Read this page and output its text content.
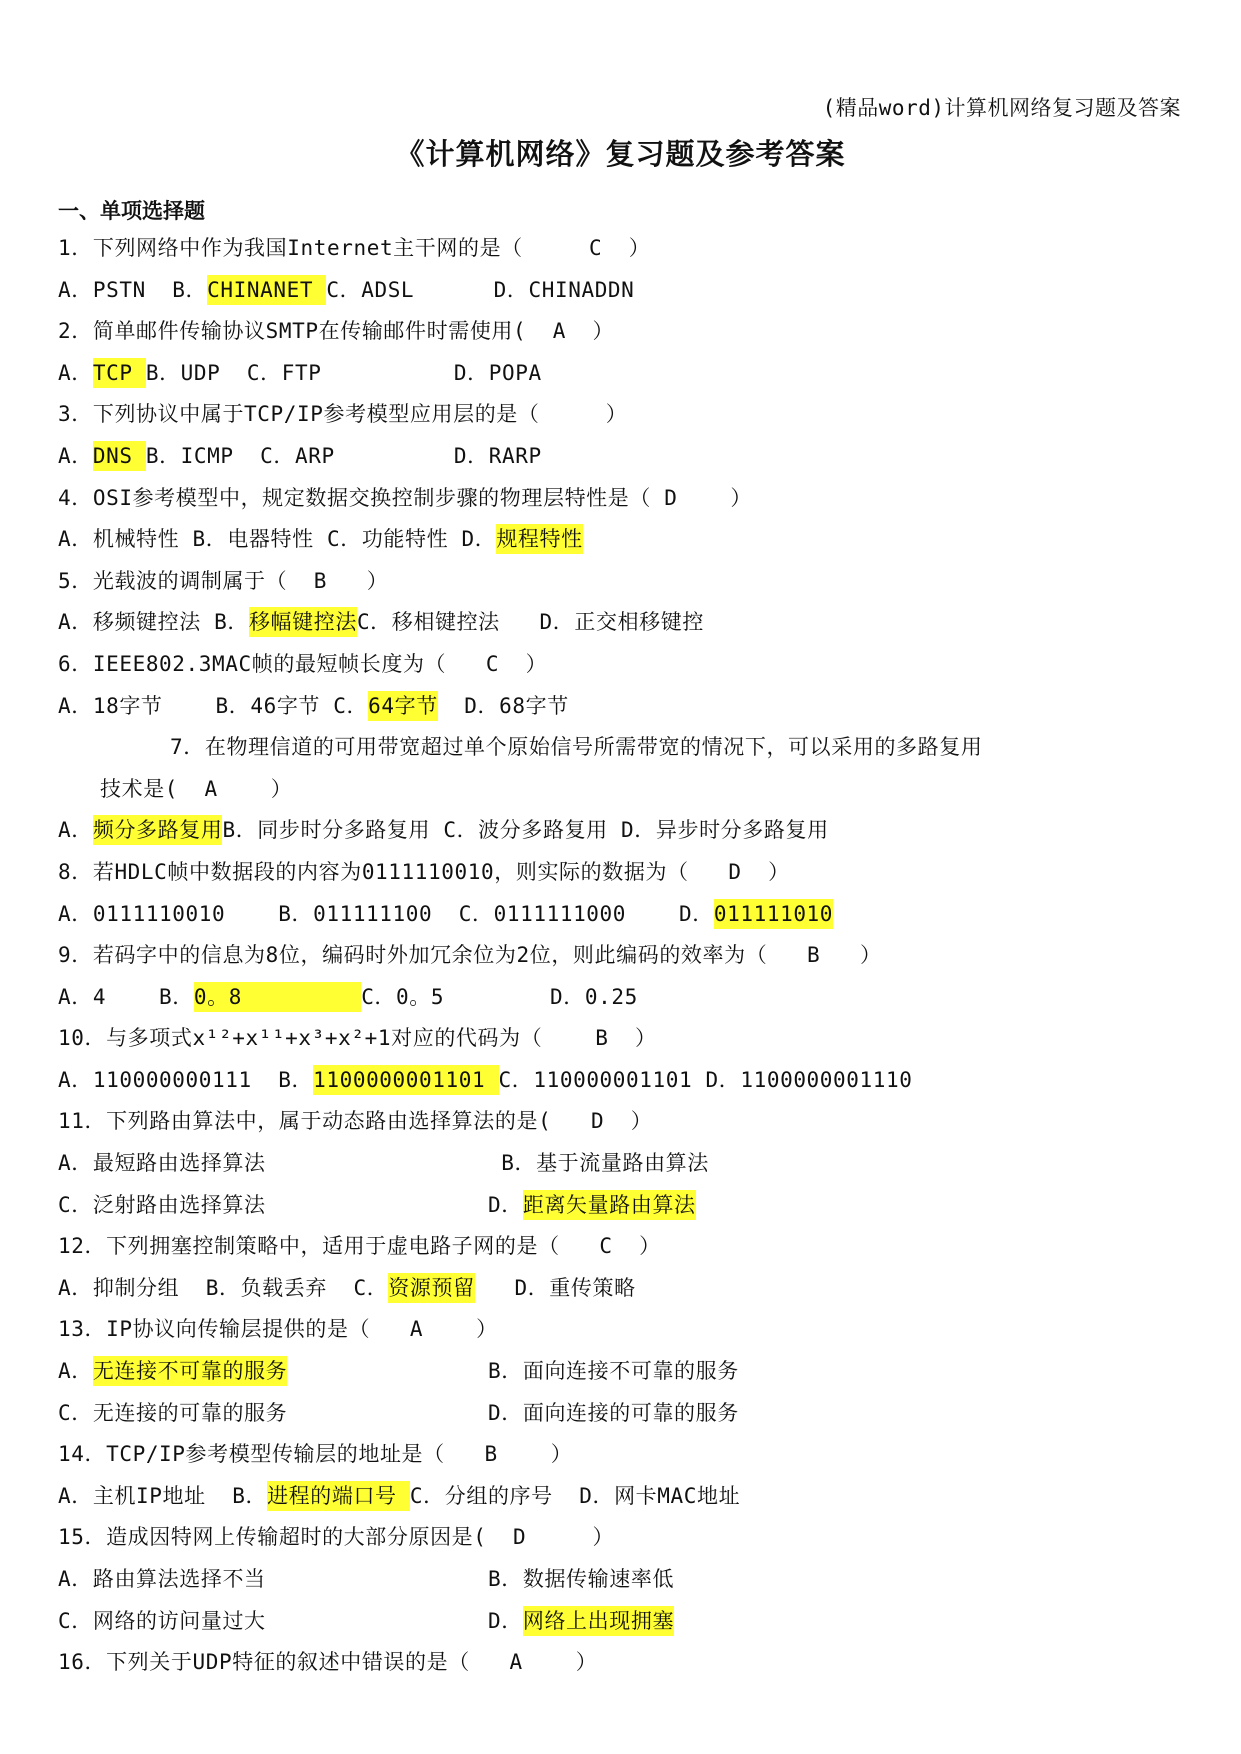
(精品word)计算机网络复习题及答案
《计算机网络》复习题及参考答案
一、单项选择题
1．下列网络中作为我国Internet主干网的是（     C  ）
A．PSTN  B．CHINANET C．ADSL      D．CHINADDN
2．简单邮件传输协议SMTP在传输邮件时需使用(  A  ）
A．TCP B．UDP  C．FTP          D．POPA
3．下列协议中属于TCP/IP参考模型应用层的是（     ）
A．DNS B．ICMP  C．ARP         D．RARP
4．OSI参考模型中，规定数据交换控制步骤的物理层特性是（ D    ）
A．机械特性 B．电器特性 C．功能特性 D．规程特性
5．光载波的调制属于（  B   ）
A．移频键控法 B．移幅键控法C．移相键控法   D．正交相移键控
6．IEEE802.3MAC帧的最短帧长度为（   C  ）
A．18字节    B．46字节 C．64字节  D．68字节
7．在物理信道的可用带宽超过单个原始信号所需带宽的情况下，可以采用的多路复用
技术是(  A    ）
A．频分多路复用B．同步时分多路复用 C．波分多路复用 D．异步时分多路复用
8．若HDLC帧中数据段的内容为0111110010，则实际的数据为（   D  ）
A．0111110010    B．011111100  C．0111111000    D．011111010
9．若码字中的信息为8位，编码时外加冗余位为2位，则此编码的效率为（   B   ）
A．4    B．0。8         C．0。5        D．0.25
10．与多项式x¹²+x¹¹+x³+x²+1对应的代码为（    B  ）
A．110000000111  B．1100000001101 C．110000001101 D．1100000001110
11．下列路由算法中，属于动态路由选择算法的是(   D  ）
A．最短路由选择算法	B．基于流量路由算法
C．泛射路由选择算法	D．距离矢量路由算法
12．下列拥塞控制策略中，适用于虚电路子网的是（   C  ）
A．抑制分组  B．负载丢弃  C．资源预留   D．重传策略
13．IP协议向传输层提供的是（   A    ）
A．无连接不可靠的服务	B．面向连接不可靠的服务
C．无连接的可靠的服务	D．面向连接的可靠的服务
14．TCP/IP参考模型传输层的地址是（   B    ）
A．主机IP地址  B．进程的端口号 C．分组的序号  D．网卡MAC地址
15．造成因特网上传输超时的大部分原因是(  D     ）
A．路由算法选择不当	B．数据传输速率低
C．网络的访问量过大	D．网络上出现拥塞
16．下列关于UDP特征的叙述中错误的是（   A    ）
